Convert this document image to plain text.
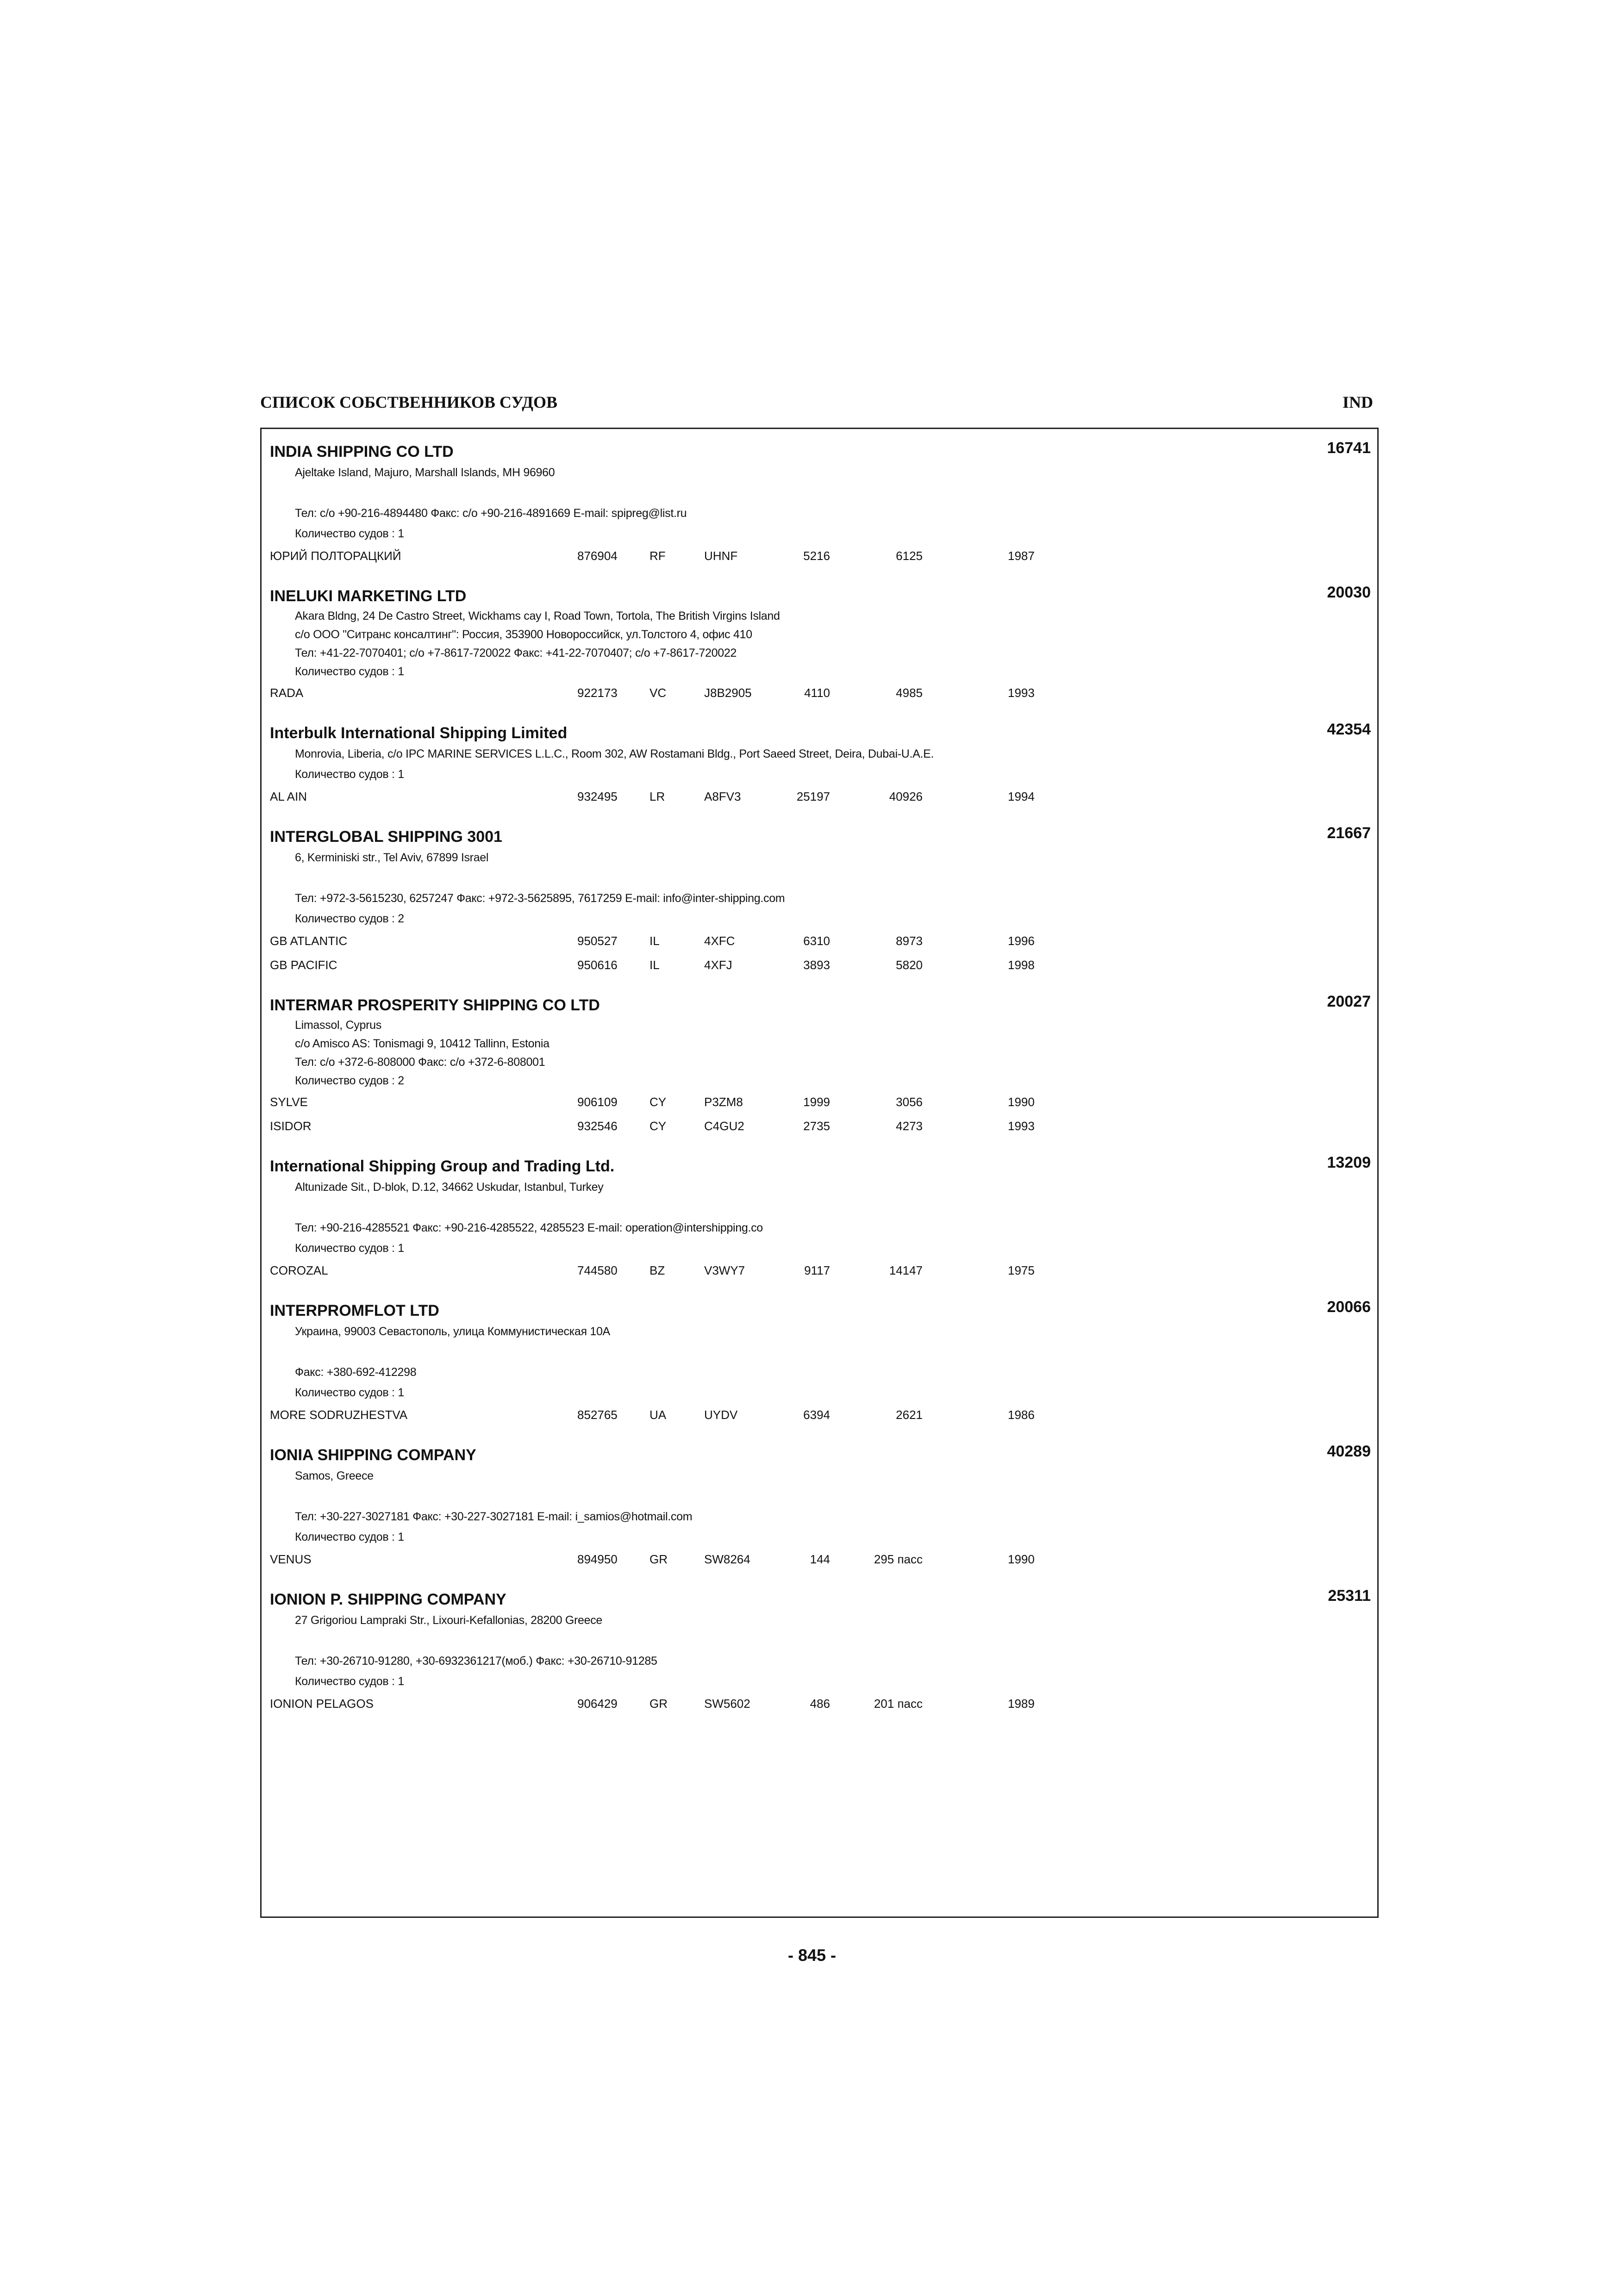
СПИСОК СОБСТВЕННИКОВ СУДОВ	IND
16741
INDIA SHIPPING CO LTD
Ajeltake Island, Majuro, Marshall Islands, MH 96960
Тел: c/o +90-216-4894480 Факс: c/o +90-216-4891669 E-mail: spipreg@list.ru
Количество судов : 1
ЮРИЙ ПОЛТОРАЦКИЙ	876904	RF	UHNF	5216	6125	1987
20030
INELUKI MARKETING LTD
Akara Bldng, 24 De Castro Street, Wickhams cay I, Road Town, Tortola, The British Virgins Island
c/o ООО "Ситранс консалтинг": Россия, 353900 Новороссийск, ул.Толстого 4, офис 410
Тел: +41-22-7070401; c/o +7-8617-720022 Факс: +41-22-7070407; c/o +7-8617-720022
Количество судов : 1
RADA	922173	VC	J8B2905	4110	4985	1993
42354
Interbulk International Shipping Limited
Monrovia, Liberia, c/o IPC MARINE SERVICES L.L.C., Room 302, AW Rostamani Bldg., Port Saeed Street, Deira, Dubai-U.A.E.
Количество судов : 1
AL AIN	932495	LR	A8FV3	25197	40926	1994
21667
INTERGLOBAL SHIPPING 3001
6, Kerminiski str., Tel Aviv, 67899 Israel
Тел: +972-3-5615230, 6257247 Факс: +972-3-5625895, 7617259 E-mail: info@inter-shipping.com
Количество судов : 2
GB ATLANTIC	950527	IL	4XFC	6310	8973	1996
GB PACIFIC	950616	IL	4XFJ	3893	5820	1998
20027
INTERMAR PROSPERITY SHIPPING CO LTD
Limassol, Cyprus
c/o Amisco AS: Tonismagi 9, 10412 Tallinn, Estonia
Тел: c/o +372-6-808000 Факс: c/o +372-6-808001
Количество судов : 2
SYLVE	906109	CY	P3ZM8	1999	3056	1990
ISIDOR	932546	CY	C4GU2	2735	4273	1993
13209
International Shipping Group and Trading Ltd.
Altunizade Sit., D-blok, D.12, 34662 Uskudar, Istanbul, Turkey
Тел: +90-216-4285521 Факс: +90-216-4285522, 4285523 E-mail: operation@intershipping.co
Количество судов : 1
COROZAL	744580	BZ	V3WY7	9117	14147	1975
20066
INTERPROMFLOT LTD
Украина, 99003 Севастополь, улица Коммунистическая 10А
Факс: +380-692-412298
Количество судов : 1
MORE SODRUZHESTVA	852765	UA	UYDV	6394	2621	1986
40289
IONIA SHIPPING COMPANY
Samos, Greece
Тел: +30-227-3027181 Факс: +30-227-3027181 E-mail: i_samios@hotmail.com
Количество судов : 1
VENUS	894950	GR	SW8264	144	295 пасс	1990
25311
IONION P. SHIPPING COMPANY
27 Grigoriou Lampraki Str., Lixouri-Kefallonias, 28200 Greece
Тел: +30-26710-91280, +30-6932361217(моб.) Факс: +30-26710-91285
Количество судов : 1
IONION PELAGOS	906429	GR	SW5602	486	201 пасс	1989
- 845 -
